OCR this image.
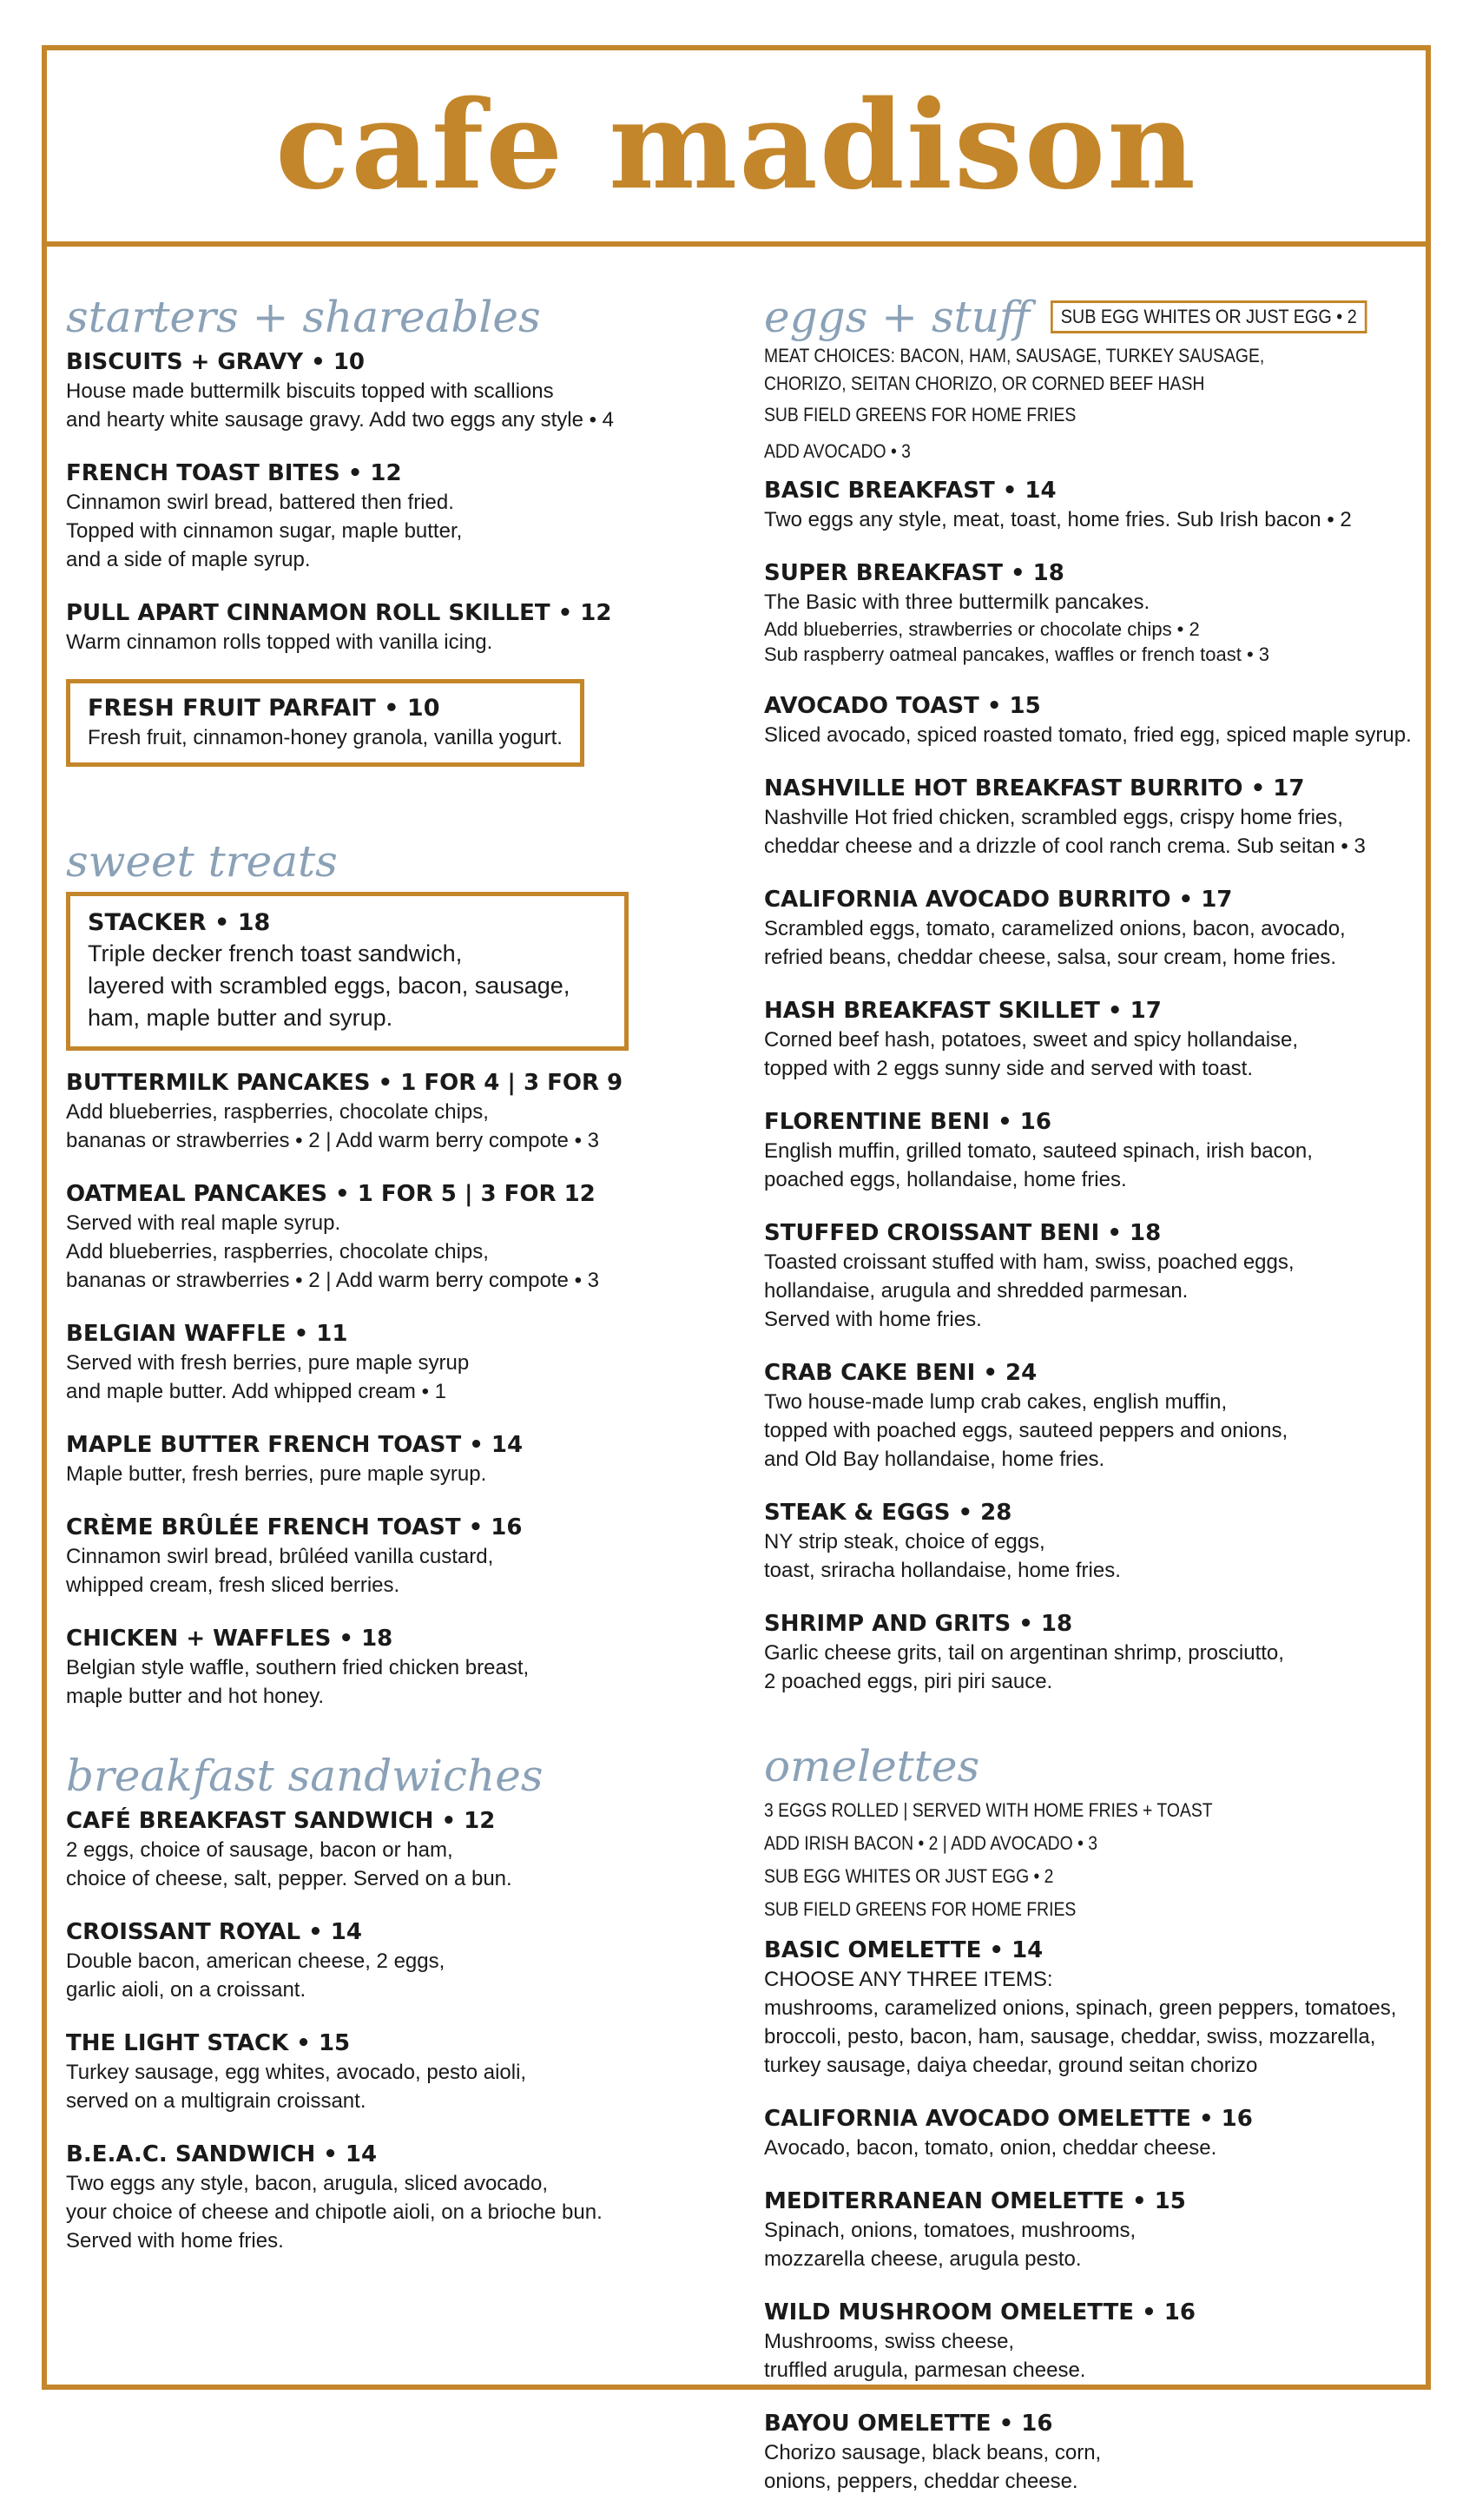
cafe madison
starters + shareables
BISCUITS + GRAVY • 10
House made buttermilk biscuits topped with scallions
and hearty white sausage gravy. Add two eggs any style • 4
FRENCH TOAST BITES • 12
Cinnamon swirl bread, battered then fried.
Topped with cinnamon sugar, maple butter,
and a side of maple syrup.
PULL APART CINNAMON ROLL SKILLET • 12
Warm cinnamon rolls topped with vanilla icing.
FRESH FRUIT PARFAIT • 10
Fresh fruit, cinnamon-honey granola, vanilla yogurt.
sweet treats
STACKER • 18
Triple decker french toast sandwich,
layered with scrambled eggs, bacon, sausage,
ham, maple butter and syrup.
BUTTERMILK PANCAKES • 1 FOR 4 | 3 FOR 9
Add blueberries, raspberries, chocolate chips,
bananas or strawberries • 2 | Add warm berry compote • 3
OATMEAL PANCAKES • 1 FOR 5 | 3 FOR 12
Served with real maple syrup.
Add blueberries, raspberries, chocolate chips,
bananas or strawberries • 2 | Add warm berry compote • 3
BELGIAN WAFFLE • 11
Served with fresh berries, pure maple syrup
and maple butter. Add whipped cream • 1
MAPLE BUTTER FRENCH TOAST • 14
Maple butter, fresh berries, pure maple syrup.
CRÈME BRÛLÉE FRENCH TOAST • 16
Cinnamon swirl bread, brûléed vanilla custard,
whipped cream, fresh sliced berries.
CHICKEN + WAFFLES • 18
Belgian style waffle, southern fried chicken breast,
maple butter and hot honey.
breakfast sandwiches
CAFÉ BREAKFAST SANDWICH • 12
2 eggs, choice of sausage, bacon or ham,
choice of cheese, salt, pepper. Served on a bun.
CROISSANT ROYAL • 14
Double bacon, american cheese, 2 eggs,
garlic aioli, on a croissant.
THE LIGHT STACK • 15
Turkey sausage, egg whites, avocado, pesto aioli,
served on a multigrain croissant.
B.E.A.C. SANDWICH • 14
Two eggs any style, bacon, arugula, sliced avocado,
your choice of cheese and chipotle aioli, on a brioche bun.
Served with home fries.
eggs + stuff	SUB EGG WHITES OR JUST EGG • 2
MEAT CHOICES: BACON, HAM, SAUSAGE, TURKEY SAUSAGE,
CHORIZO, SEITAN CHORIZO, OR CORNED BEEF HASH
SUB FIELD GREENS FOR HOME FRIES
ADD AVOCADO • 3
BASIC BREAKFAST • 14
Two eggs any style, meat, toast, home fries. Sub Irish bacon • 2
SUPER BREAKFAST • 18
The Basic with three buttermilk pancakes.
Add blueberries, strawberries or chocolate chips • 2
Sub raspberry oatmeal pancakes, waffles or french toast • 3
AVOCADO TOAST • 15
Sliced avocado, spiced roasted tomato, fried egg, spiced maple syrup.
NASHVILLE HOT BREAKFAST BURRITO • 17
Nashville Hot fried chicken, scrambled eggs, crispy home fries,
cheddar cheese and a drizzle of cool ranch crema. Sub seitan • 3
CALIFORNIA AVOCADO BURRITO • 17
Scrambled eggs, tomato, caramelized onions, bacon, avocado,
refried beans, cheddar cheese, salsa, sour cream, home fries.
HASH BREAKFAST SKILLET • 17
Corned beef hash, potatoes, sweet and spicy hollandaise,
topped with 2 eggs sunny side and served with toast.
FLORENTINE BENI • 16
English muffin, grilled tomato, sauteed spinach, irish bacon,
poached eggs, hollandaise, home fries.
STUFFED CROISSANT BENI • 18
Toasted croissant stuffed with ham, swiss, poached eggs,
hollandaise, arugula and shredded parmesan.
Served with home fries.
CRAB CAKE BENI • 24
Two house-made lump crab cakes, english muffin,
topped with poached eggs, sauteed peppers and onions,
and Old Bay hollandaise, home fries.
STEAK & EGGS • 28
NY strip steak, choice of eggs,
toast, sriracha hollandaise, home fries.
SHRIMP AND GRITS • 18
Garlic cheese grits, tail on argentinan shrimp, prosciutto,
2 poached eggs, piri piri sauce.
omelettes
3 EGGS ROLLED | SERVED WITH HOME FRIES + TOAST
ADD IRISH BACON • 2 | ADD AVOCADO • 3
SUB EGG WHITES OR JUST EGG • 2
SUB FIELD GREENS FOR HOME FRIES
BASIC OMELETTE • 14
CHOOSE ANY THREE ITEMS:
mushrooms, caramelized onions, spinach, green peppers, tomatoes,
broccoli, pesto, bacon, ham, sausage, cheddar, swiss, mozzarella,
turkey sausage, daiya cheedar, ground seitan chorizo
CALIFORNIA AVOCADO OMELETTE • 16
Avocado, bacon, tomato, onion, cheddar cheese.
MEDITERRANEAN OMELETTE • 15
Spinach, onions, tomatoes, mushrooms,
mozzarella cheese, arugula pesto.
WILD MUSHROOM OMELETTE • 16
Mushrooms, swiss cheese,
truffled arugula, parmesan cheese.
BAYOU OMELETTE • 16
Chorizo sausage, black beans, corn,
onions, peppers, cheddar cheese.
